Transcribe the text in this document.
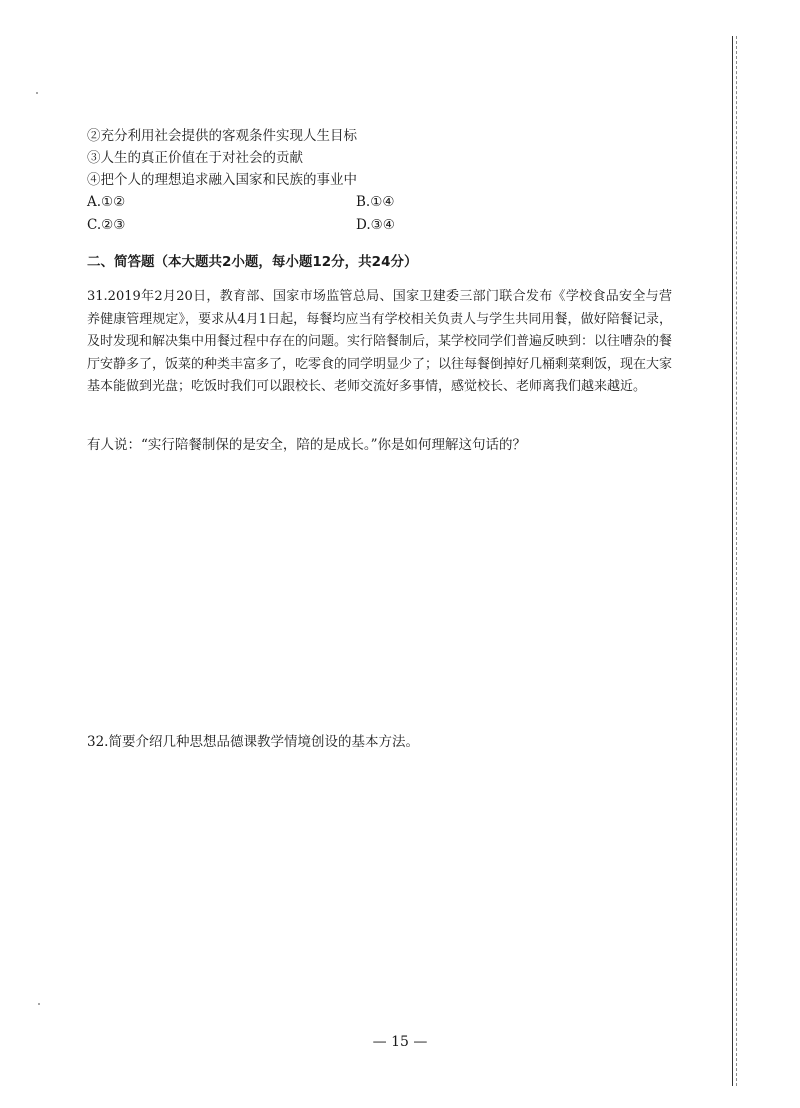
②充分利用社会提供的客观条件实现人生目标
③人生的真正价值在于对社会的贡献
④把个人的理想追求融入国家和民族的事业中
A.①②	B.①④
C.②③	D.③④
二、简答题（本大题共2小题，每小题12分，共24分）
31.2019年2月20日，教育部、国家市场监管总局、国家卫建委三部门联合发布《学校食品安全与营养健康管理规定》，要求从4月1日起，每餐均应当有学校相关负责人与学生共同用餐，做好陪餐记录，及时发现和解决集中用餐过程中存在的问题。实行陪餐制后，某学校同学们普遍反映到：以往嘈杂的餐厅安静多了，饭菜的种类丰富多了，吃零食的同学明显少了；以往每餐倒掉好几桶剩菜剩饭，现在大家基本能做到光盘；吃饭时我们可以跟校长、老师交流好多事情，感觉校长、老师离我们越来越近。
有人说：“实行陪餐制保的是安全，陪的是成长。”你是如何理解这句话的？
32.简要介绍几种思想品德课教学情境创设的基本方法。
— 15 —
